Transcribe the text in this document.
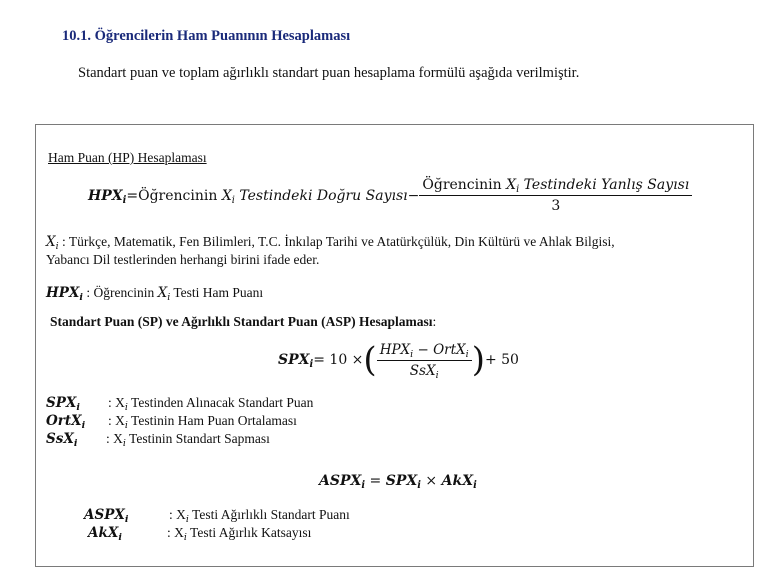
10.1. Öğrencilerin Ham Puanının Hesaplaması
Standart puan ve toplam ağırlıklı standart puan hesaplama formülü aşağıda verilmiştir.
Ham Puan (HP) Hesaplaması
$HPX_i$ = Öğrencinin $X_i$ Testindeki Doğru Sayısı − $\frac{Öğrencinin X_i Testindeki Yanlış Sayısı}{3}$
$X_i$ : Türkçe, Matematik, Fen Bilimleri, T.C. İnkılap Tarihi ve Atatürkçülük, Din Kültürü ve Ahlak Bilgisi,
Yabancı Dil testlerinden herhangi birini ifade eder.
$HPX_i$ : Öğrencinin $X_i$ Testi Ham Puanı
Standart Puan (SP) ve Ağırlıklı Standart Puan (ASP) Hesaplaması:
$SPX_i = 10$ × ( $\frac{HPX_i - OrtX_i}{SsX_i}$ ) + 50
$SPX_i$ : $X_i$ Testinden Alınacak Standart Puan
OrtX$_i$ : $X_i$ Testinin Ham Puan Ortalaması
SsX$_i$ : $X_i$ Testinin Standart Sapması
$ASPX_i = SPX_i \times AkX_i$
$ASPX_i$	: $X_i$ Testi Ağırlıklı Standart Puanı
AkX$_i$	: $X_i$ Testi Ağırlık Katsayısı
